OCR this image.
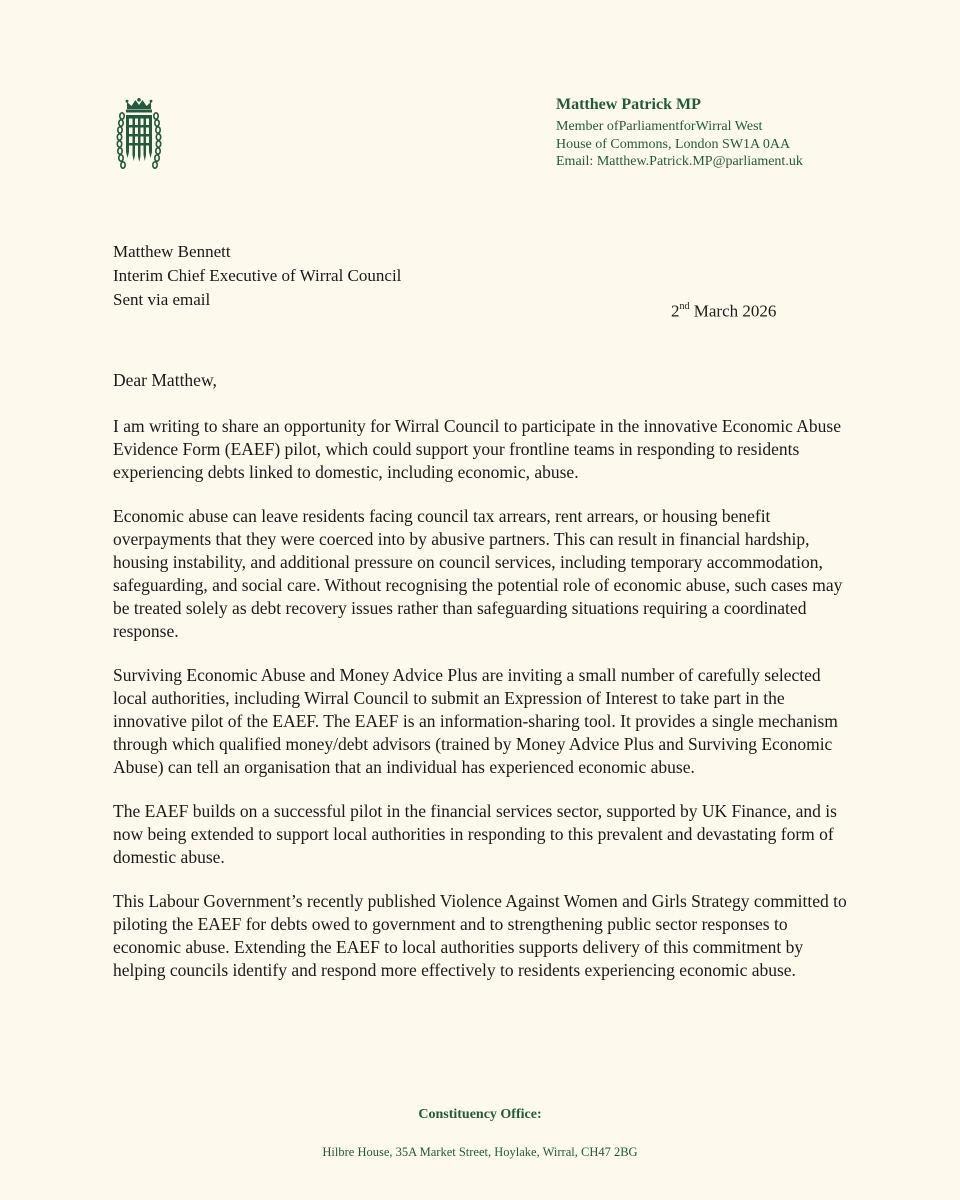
Matthew Patrick MP
Member ofParliamentforWirral West
House of Commons, London SW1A 0AA
Email: Matthew.Patrick.MP@parliament.uk
Matthew Bennett
Interim Chief Executive of Wirral Council
Sent via email
2nd March 2026

Dear Matthew,

I am writing to share an opportunity for Wirral Council to participate in the innovative Economic Abuse Evidence Form (EAEF) pilot, which could support your frontline teams in responding to residents experiencing debts linked to domestic, including economic, abuse.

Economic abuse can leave residents facing council tax arrears, rent arrears, or housing benefit overpayments that they were coerced into by abusive partners. This can result in financial hardship, housing instability, and additional pressure on council services, including temporary accommodation, safeguarding, and social care. Without recognising the potential role of economic abuse, such cases may be treated solely as debt recovery issues rather than safeguarding situations requiring a coordinated response.

Surviving Economic Abuse and Money Advice Plus are inviting a small number of carefully selected local authorities, including Wirral Council to submit an Expression of Interest to take part in the innovative pilot of the EAEF. The EAEF is an information-sharing tool. It provides a single mechanism through which qualified money/debt advisors (trained by Money Advice Plus and Surviving Economic Abuse) can tell an organisation that an individual has experienced economic abuse.

The EAEF builds on a successful pilot in the financial services sector, supported by UK Finance, and is now being extended to support local authorities in responding to this prevalent and devastating form of domestic abuse.

This Labour Government’s recently published Violence Against Women and Girls Strategy committed to piloting the EAEF for debts owed to government and to strengthening public sector responses to economic abuse. Extending the EAEF to local authorities supports delivery of this commitment by helping councils identify and respond more effectively to residents experiencing economic abuse.

Constituency Office:
Hilbre House, 35A Market Street, Hoylake, Wirral, CH47 2BG
